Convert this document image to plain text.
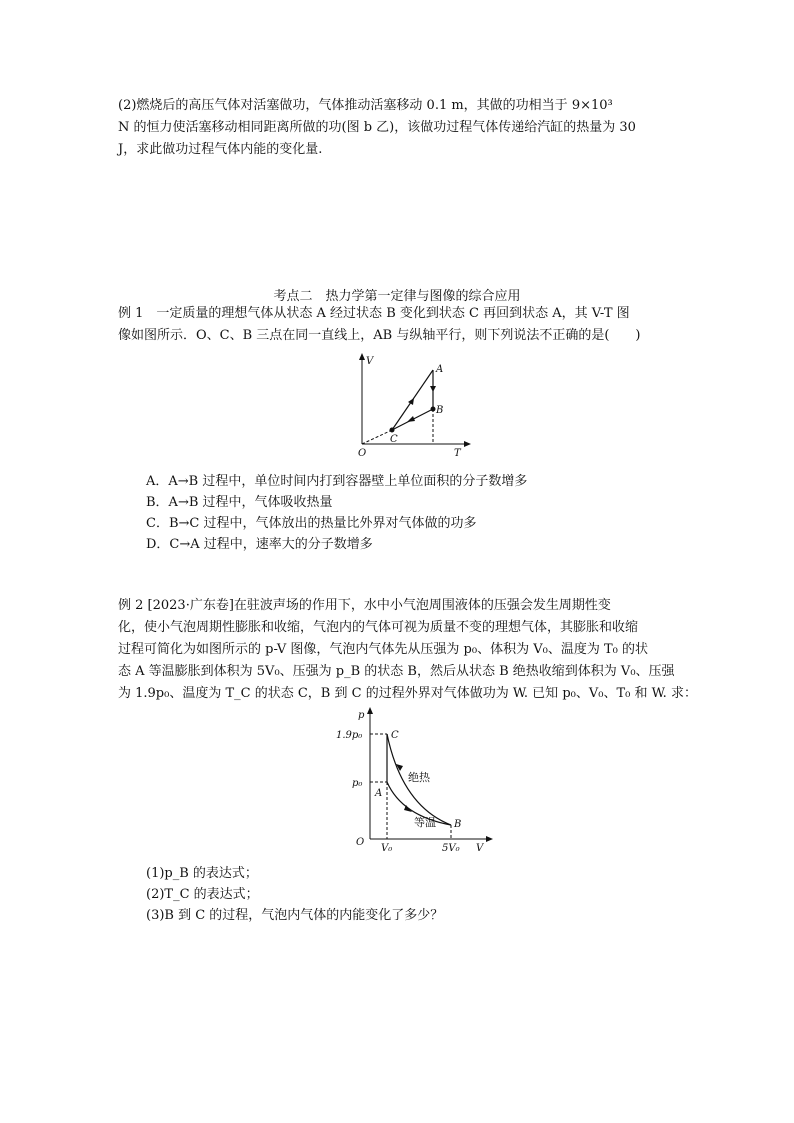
(2)燃烧后的高压气体对活塞做功，气体推动活塞移动 0.1 m，其做的功相当于 9×10³
N 的恒力使活塞移动相同距离所做的功(图 b 乙)，该做功过程气体传递给汽缸的热量为 30
J，求此做功过程气体内能的变化量.
考点二　热力学第一定律与图像的综合应用
例 1　一定质量的理想气体从状态 A 经过状态 B 变化到状态 C 再回到状态 A，其 V-T 图
像如图所示．O、C、B 三点在同一直线上，AB 与纵轴平行，则下列说法不正确的是(　　)
V
T
O
A
B
C
A．A→B 过程中，单位时间内打到容器壁上单位面积的分子数增多
B．A→B 过程中，气体吸收热量
C．B→C 过程中，气体放出的热量比外界对气体做的功多
D．C→A 过程中，速率大的分子数增多
例 2 [2023·广东卷]在驻波声场的作用下，水中小气泡周围液体的压强会发生周期性变
化，使小气泡周期性膨胀和收缩，气泡内的气体可视为质量不变的理想气体，其膨胀和收缩
过程可简化为如图所示的 p-V 图像，气泡内气体先从压强为 p₀、体积为 V₀、温度为 T₀ 的状
态 A 等温膨胀到体积为 5V₀、压强为 p_B 的状态 B，然后从状态 B 绝热收缩到体积为 V₀、压强
为 1.9p₀、温度为 T_C 的状态 C，B 到 C 的过程外界对气体做功为 W. 已知 p₀、V₀、T₀ 和 W. 求：
1.9p₀
p₀
V₀	5V₀
p
V
O
A
B
C
绝热
等温
(1)p_B 的表达式；
(2)T_C 的表达式；
(3)B 到 C 的过程，气泡内气体的内能变化了多少？
